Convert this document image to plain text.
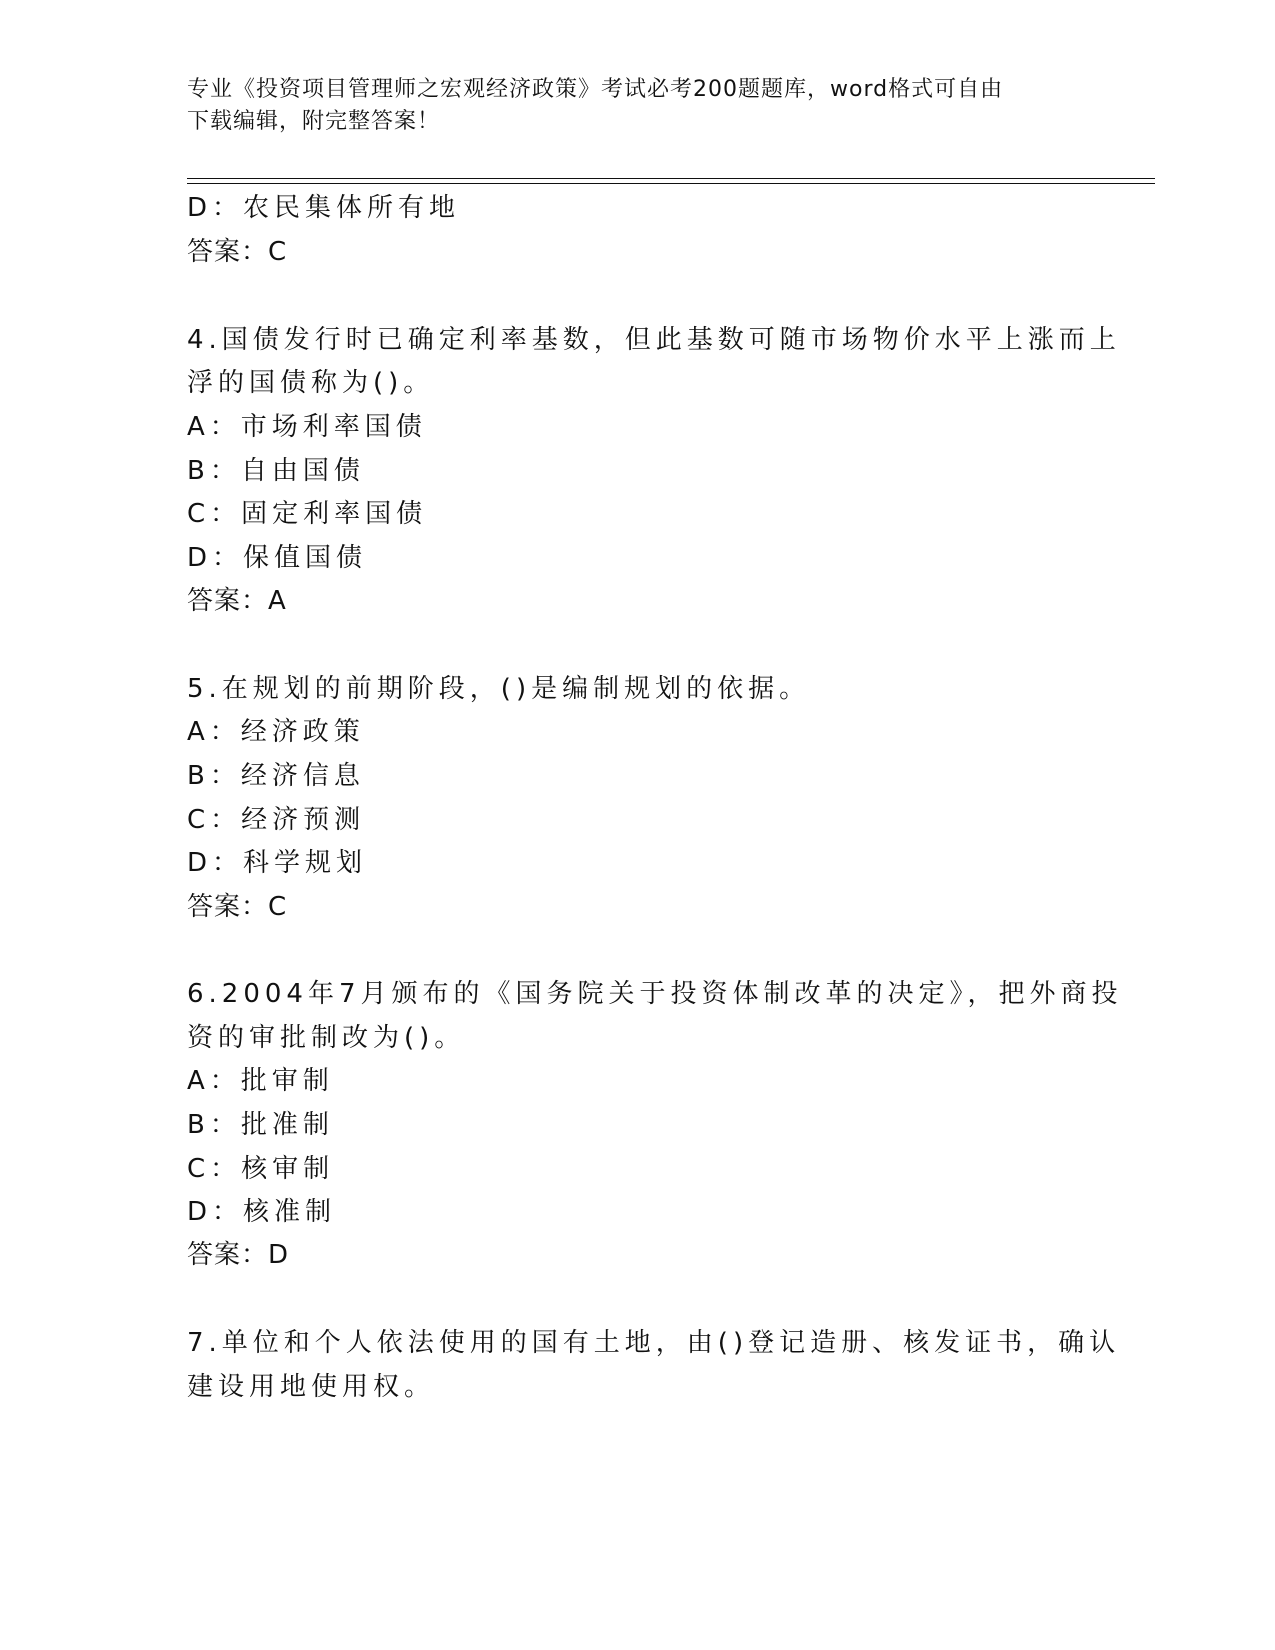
专业《投资项目管理师之宏观经济政策》考试必考200题题库，word格式可自由
下载编辑，附完整答案！
D：农民集体所有地
答案：C
4.国债发行时已确定利率基数，但此基数可随市场物价水平上涨而上
浮的国债称为()。
A：市场利率国债
B：自由国债
C：固定利率国债
D：保值国债
答案：A
5.在规划的前期阶段，()是编制规划的依据。
A：经济政策
B：经济信息
C：经济预测
D：科学规划
答案：C
6.2004年7月颁布的《国务院关于投资体制改革的决定》，把外商投
资的审批制改为()。
A：批审制
B：批准制
C：核审制
D：核准制
答案：D
7.单位和个人依法使用的国有土地，由()登记造册、核发证书，确认
建设用地使用权。
